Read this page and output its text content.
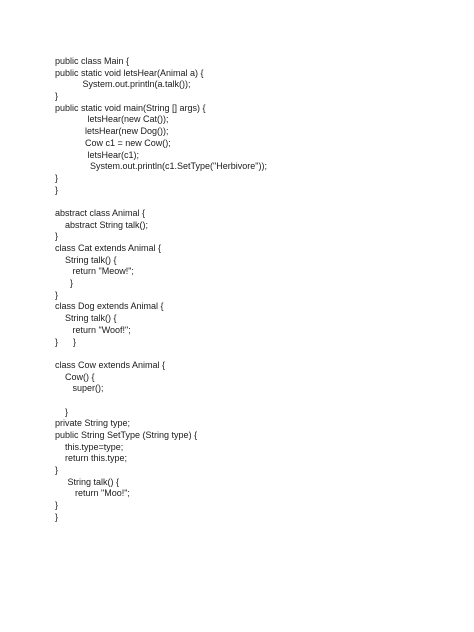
public class Main {
public static void letsHear(Animal a) {
System.out.println(a.talk());
}
public static void main(String [] args) {
letsHear(new Cat());
letsHear(new Dog());
Cow c1 = new Cow();
letsHear(c1);
System.out.println(c1.SetType("Herbivore"));
}
}
abstract class Animal {
abstract String talk();
}
class Cat extends Animal {
String talk() {
return "Meow!";
}
}
class Dog extends Animal {
String talk() {
return "Woof!";
}      }
class Cow extends Animal {
Cow() {
super();
}
private String type;
public String SetType (String type) {
this.type=type;
return this.type;
}
String talk() {
return "Moo!";
}
}
